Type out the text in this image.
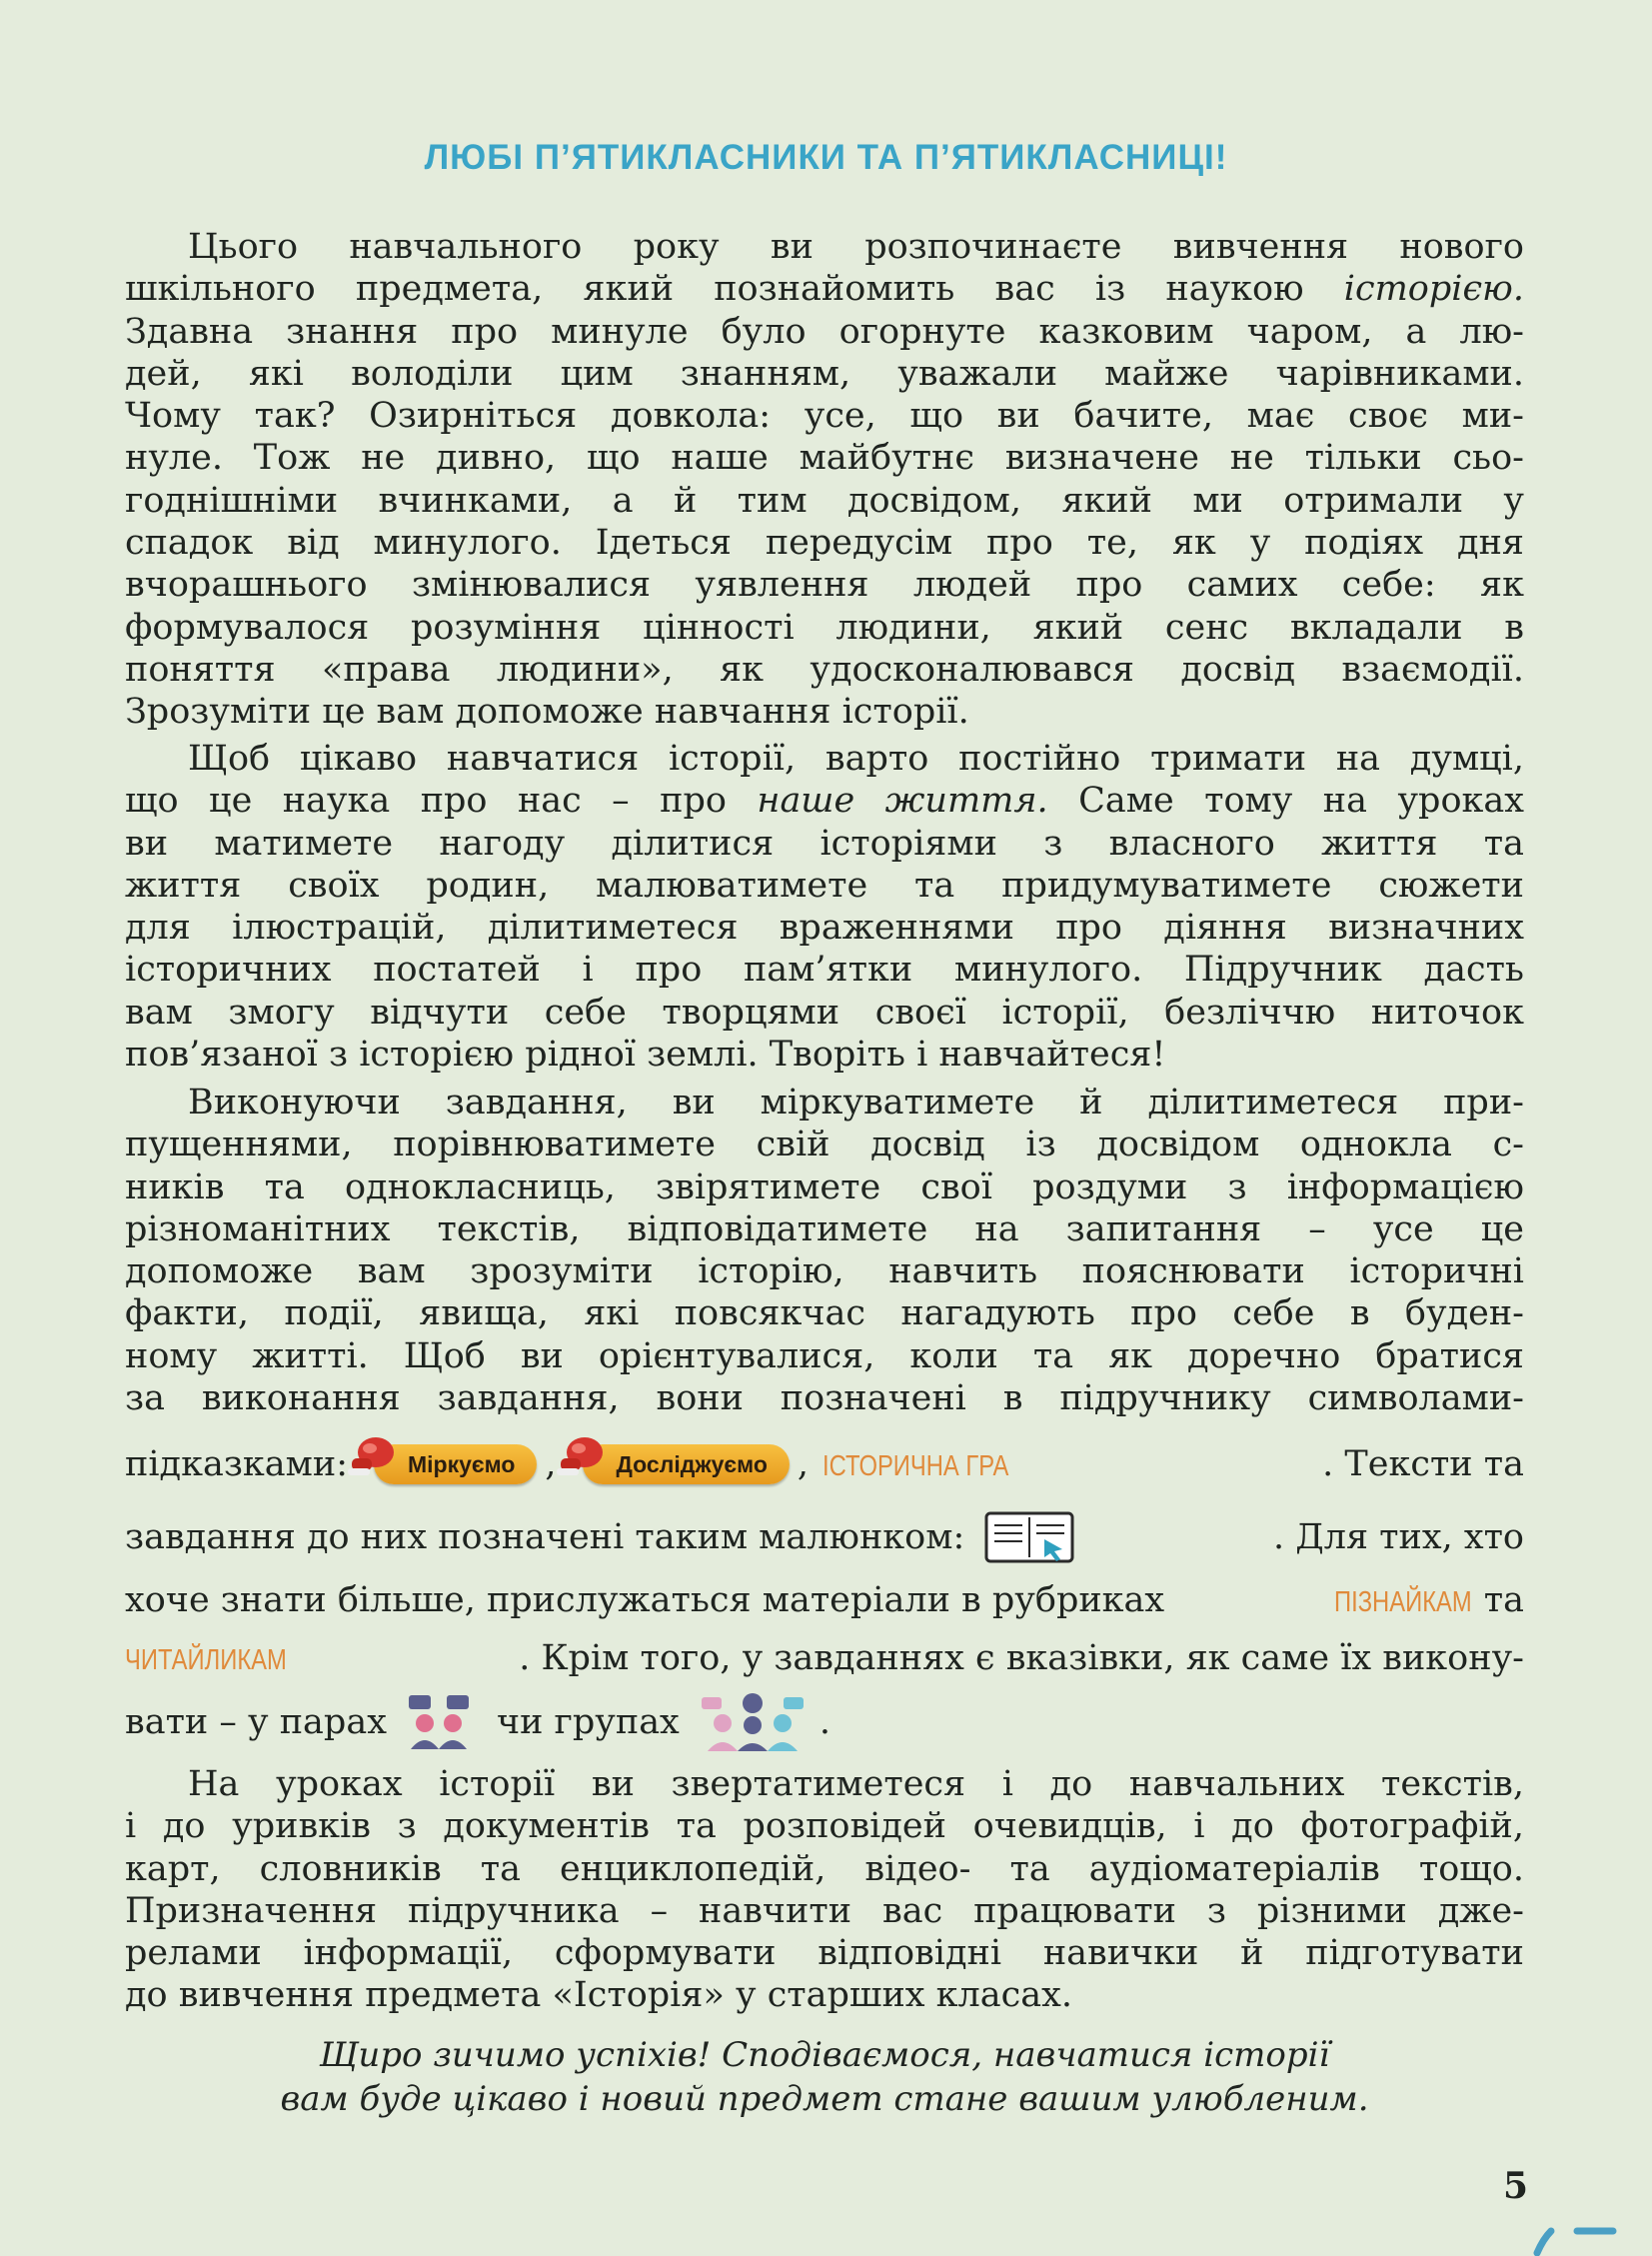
ЛЮБІ П’ЯТИКЛАСНИКИ ТА П’ЯТИКЛАСНИЦІ!
Цього навчального року ви розпочинаєте вивчення нового
шкільного предмета, який познайомить вас із наукою історією.
Здавна знання про минуле було огорнуте казковим чаром, а лю-
дей, які володіли цим знанням, уважали майже чарівниками.
Чому так? Озирніться довкола: усе, що ви бачите, має своє ми-
нуле. Тож не дивно, що наше майбутнє визначене не тільки сьо-
годнішніми вчинками, а й тим досвідом, який ми отримали у
спадок від минулого. Ідеться передусім про те, як у подіях дня
вчорашнього змінювалися уявлення людей про самих себе: як
формувалося розуміння цінності людини, який сенс вкладали в
поняття «права людини», як удосконалювався досвід взаємодії.
Зрозуміти це вам допоможе навчання історії.
Щоб цікаво навчатися історії, варто постійно тримати на думці,
що це наука про нас – про наше життя. Саме тому на уроках
ви матимете нагоду ділитися історіями з власного життя та
життя своїх родин, малюватимете та придумуватимете сюжети
для ілюстрацій, ділитиметеся враженнями про діяння визначних
історичних постатей і про пам’ятки минулого. Підручник дасть
вам змогу відчути себе творцями своєї історії, безліччю ниточок
пов’язаної з історією рідної землі. Творіть і навчайтеся!
Виконуючи завдання, ви міркуватимете й ділитиметеся при-
пущеннями, порівнюватимете свій досвід із досвідом однокла с-
ників та однокласниць, звірятимете свої роздуми з інформацією
різноманітних текстів, відповідатимете на запитання – усе це
допоможе вам зрозуміти історію, навчить пояснювати історичні
факти, події, явища, які повсякчас нагадують про себе в буден-
ному житті. Щоб ви орієнтувалися, коли та як доречно братися
за виконання завдання, вони позначені в підручнику символами-
підказками:	Міркуємо ,	Досліджуємо , ІСТОРИЧНА ГРА	. Тексти та
завдання до них позначені таким малюнком:	. Для тих, хто
хоче знати більше, прислужаться матеріали в рубриках	ПІЗНАЙКАМ та
ЧИТАЙЛИКАМ	. Крім того, у завданнях є вказівки, як саме їх викону-
вати – у парах	чи групах	.
На уроках історії ви звертатиметеся і до навчальних текстів,
і до уривків з документів та розповідей очевидців, і до фотографій,
карт, словників та енциклопедій, відео- та аудіоматеріалів тощо.
Призначення підручника – навчити вас працювати з різними дже-
релами інформації, сформувати відповідні навички й підготувати
до вивчення предмета «Історія» у старших класах.
Щиро зичимо успіхів! Сподіваємося, навчатися історії
вам буде цікаво і новий предмет стане вашим улюбленим.
5
